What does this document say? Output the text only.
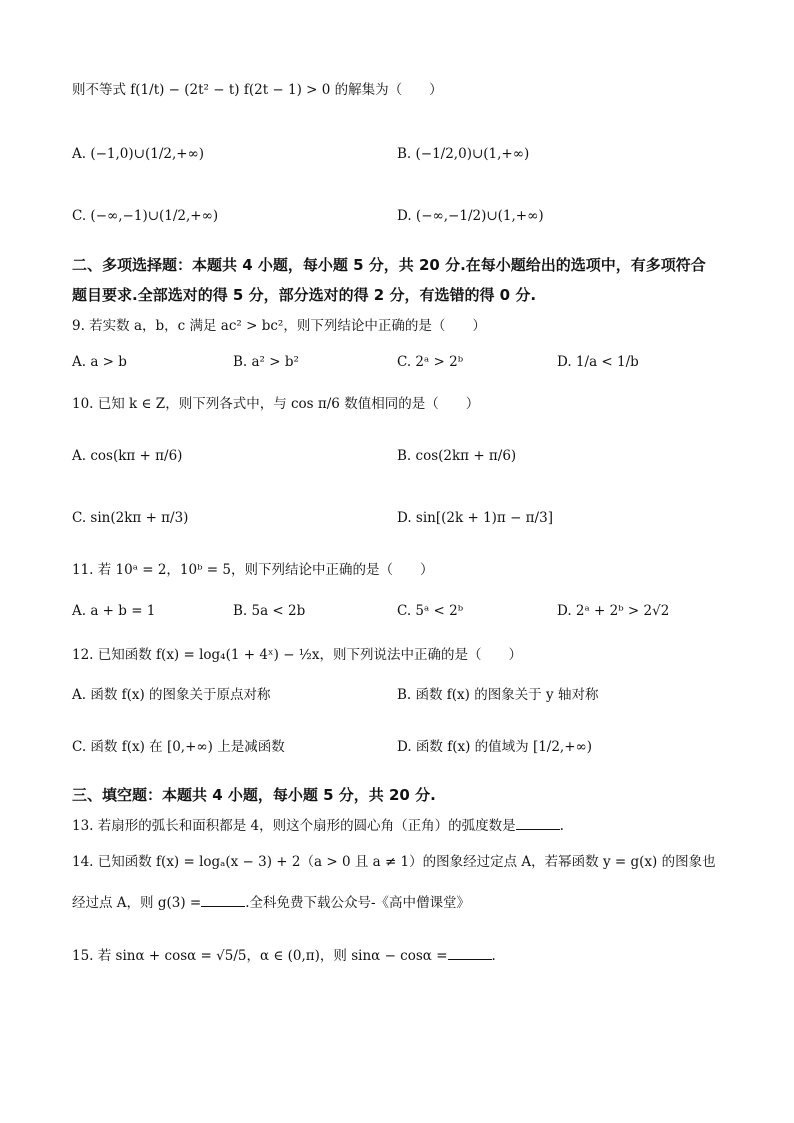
则不等式 f(1/t) − (2t² − t) f(2t − 1) > 0 的解集为（　　）
A. (−1,0)∪(1/2,+∞)	B. (−1/2,0)∪(1,+∞)
C. (−∞,−1)∪(1/2,+∞)	D. (−∞,−1/2)∪(1,+∞)
二、多项选择题：本题共 4 小题，每小题 5 分，共 20 分.在每小题给出的选项中，有多项符合
题目要求.全部选对的得 5 分，部分选对的得 2 分，有选错的得 0 分.
9. 若实数 a，b，c 满足 ac² > bc²，则下列结论中正确的是（　　）
A. a > b	B. a² > b²	C. 2ᵃ > 2ᵇ	D. 1/a < 1/b
10. 已知 k ∈ Z，则下列各式中，与 cos π/6 数值相同的是（　　）
A. cos(kπ + π/6)	B. cos(2kπ + π/6)
C. sin(2kπ + π/3)	D. sin[(2k + 1)π − π/3]
11. 若 10ᵃ = 2，10ᵇ = 5，则下列结论中正确的是（　　）
A. a + b = 1	B. 5a < 2b	C. 5ᵃ < 2ᵇ	D. 2ᵃ + 2ᵇ > 2√2
12. 已知函数 f(x) = log₄(1 + 4ˣ) − ½x，则下列说法中正确的是（　　）
A. 函数 f(x) 的图象关于原点对称	B. 函数 f(x) 的图象关于 y 轴对称
C. 函数 f(x) 在 [0,+∞) 上是减函数	D. 函数 f(x) 的值域为 [1/2,+∞)
三、填空题：本题共 4 小题，每小题 5 分，共 20 分.
13. 若扇形的弧长和面积都是 4，则这个扇形的圆心角（正角）的弧度数是	.
14. 已知函数 f(x) = logₐ(x − 3) + 2（a > 0 且 a ≠ 1）的图象经过定点 A，若幂函数 y = g(x) 的图象也
经过点 A，则 g(3) =	.全科免费下载公众号-《高中僧课堂》
15. 若 sinα + cosα = √5/5，α ∈ (0,π)，则 sinα − cosα =	.
